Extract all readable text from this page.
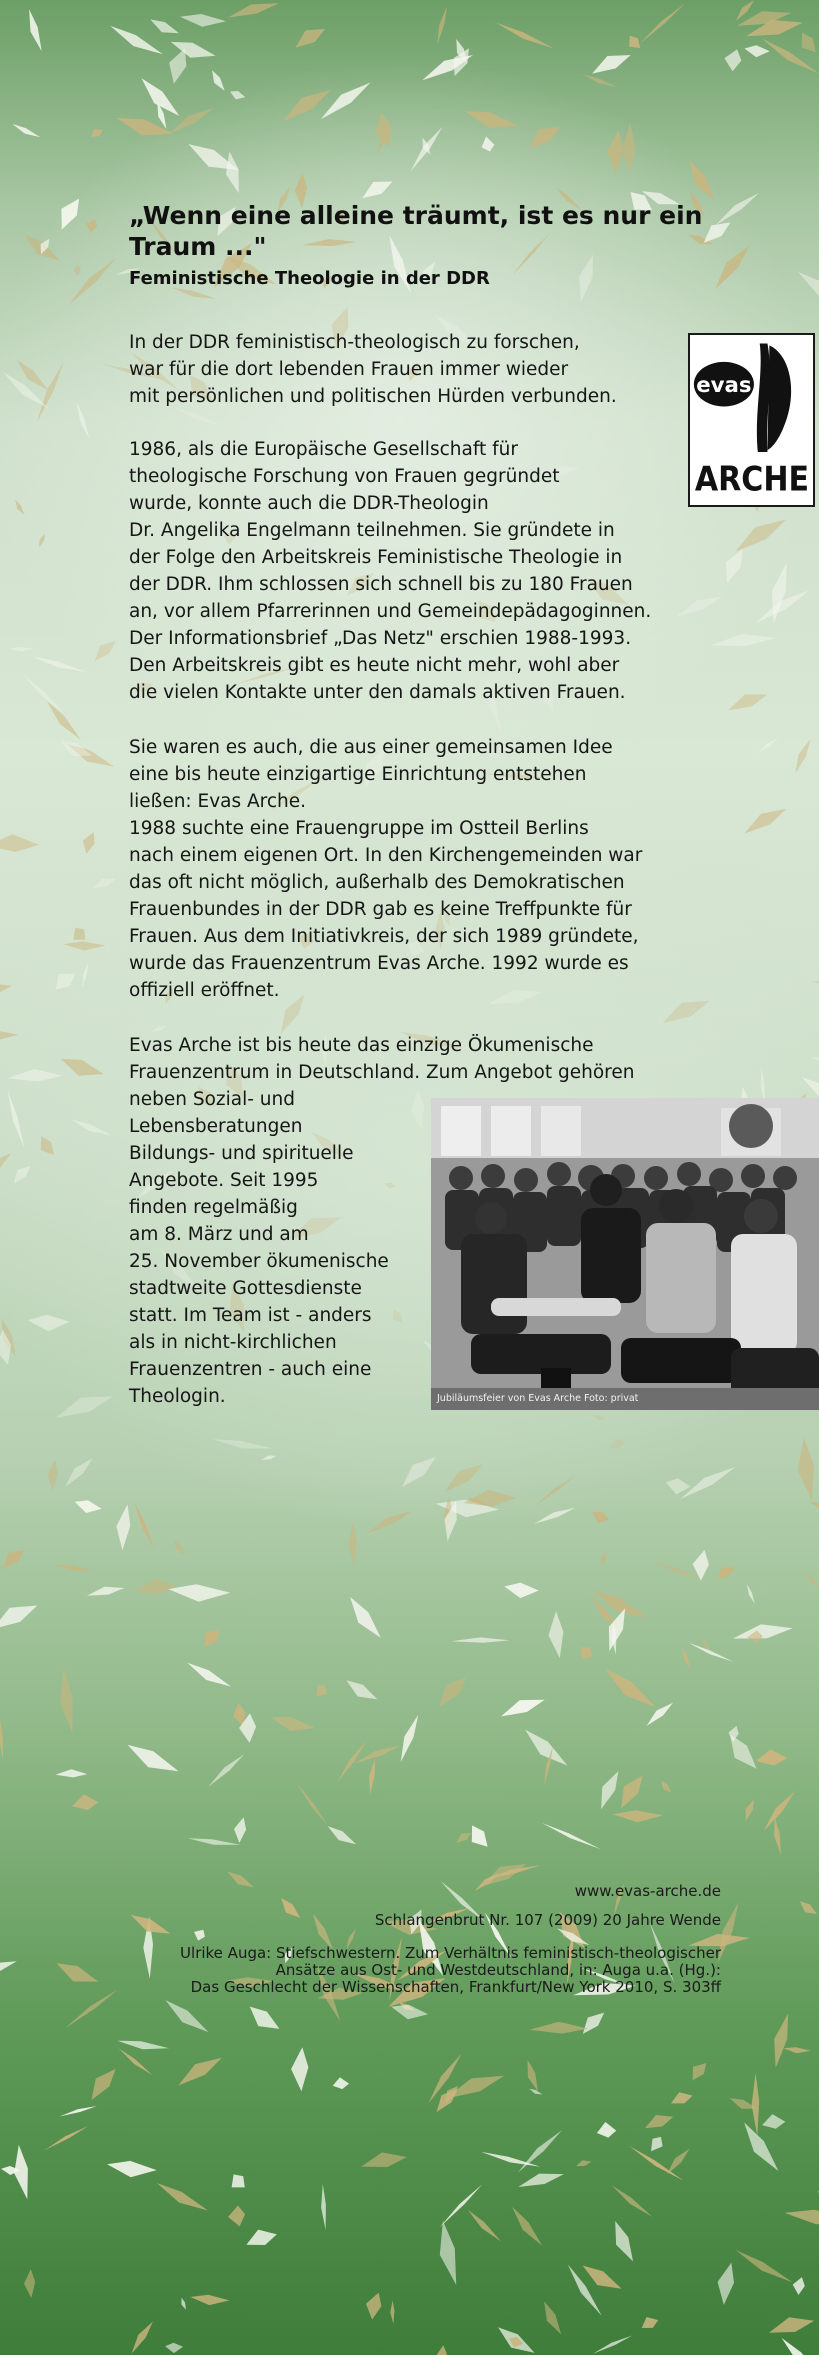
„Wenn eine alleine träumt, ist es nur ein Traum ..."
Feministische Theologie in der DDR

In der DDR feministisch-theologisch zu forschen,
war für die dort lebenden Frauen immer wieder
mit persönlichen und politischen Hürden verbunden.

1986, als die Europäische Gesellschaft für
theologische Forschung von Frauen gegründet
wurde, konnte auch die DDR-Theologin
Dr. Angelika Engelmann teilnehmen. Sie gründete in
der Folge den Arbeitskreis Feministische Theologie in
der DDR. Ihm schlossen sich schnell bis zu 180 Frauen
an, vor allem Pfarrerinnen und Gemeindepädagoginnen.
Der Informationsbrief „Das Netz" erschien 1988-1993.
Den Arbeitskreis gibt es heute nicht mehr, wohl aber
die vielen Kontakte unter den damals aktiven Frauen.

Sie waren es auch, die aus einer gemeinsamen Idee
eine bis heute einzigartige Einrichtung entstehen
ließen: Evas Arche.
1988 suchte eine Frauengruppe im Ostteil Berlins
nach einem eigenen Ort. In den Kirchengemeinden war
das oft nicht möglich, außerhalb des Demokratischen
Frauenbundes in der DDR gab es keine Treffpunkte für
Frauen. Aus dem Initiativkreis, der sich 1989 gründete,
wurde das Frauenzentrum Evas Arche. 1992 wurde es
offiziell eröffnet.

Evas Arche ist bis heute das einzige Ökumenische
Frauenzentrum in Deutschland. Zum Angebot gehören

neben Sozial- und
Lebensberatungen
Bildungs- und spirituelle
Angebote. Seit 1995
finden regelmäßig
am 8. März und am
25. November ökumenische
stadtweite Gottesdienste
statt. Im Team ist - anders
als in nicht-kirchlichen
Frauenzentren - auch eine
Theologin.

evas
ARCHE
Jubiläumsfeier von Evas Arche Foto: privat

www.evas-arche.de

Schlangenbrut Nr. 107 (2009) 20 Jahre Wende

Ulrike Auga: Stiefschwestern. Zum Verhältnis feministisch-theologischer
Ansätze aus Ost- und Westdeutschland, in: Auga u.a. (Hg.):
Das Geschlecht der Wissenschaften, Frankfurt/New York 2010, S. 303ff
